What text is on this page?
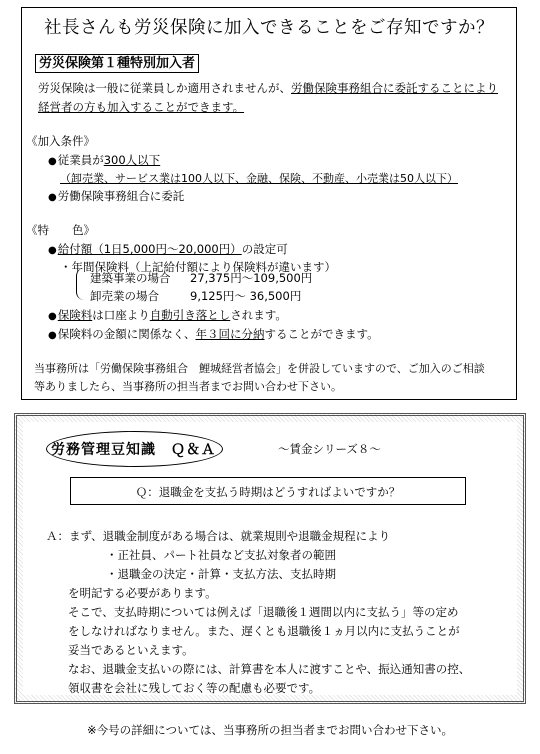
社長さんも労災保険に加入できることをご存知ですか？
労災保険第１種特別加入者
労災保険は一般に従業員しか適用されませんが、労働保険事務組合に委託することにより
経営者の方も加入することができます。
《加入条件》
●従業員が300人以下
（卸売業、サービス業は100人以下、金融、保険、不動産、小売業は50人以下）
●労働保険事務組合に委託
《特　　色》
●給付額（1日5,000円～20,000円）の設定可
・年間保険料（上記給付額により保険料が違います）
建築事業の場合 27,375円～109,500円
卸売業の場合	9,125円～ 36,500円
●保険料は口座より自動引き落としされます。
●保険料の金額に関係なく、年３回に分納することができます。
当事務所は「労働保険事務組合　鯉城経営者協会」を併設していますので、ご加入のご相談
等ありましたら、当事務所の担当者までお問い合わせ下さい。
労務管理豆知識　Ｑ＆Ａ	～賃金シリーズ８～
Ｑ：退職金を支払う時期はどうすればよいですか？
Ａ：まず、退職金制度がある場合は、就業規則や退職金規程により
・正社員、パート社員など支払対象者の範囲
・退職金の決定・計算・支払方法、支払時期
を明記する必要があります。
そこで、支払時期については例えば「退職後１週間以内に支払う」等の定め
をしなければなりません。また、遅くとも退職後１ヵ月以内に支払うことが
妥当であるといえます。
なお、退職金支払いの際には、計算書を本人に渡すことや、振込通知書の控、
領収書を会社に残しておく等の配慮も必要です。
※今号の詳細については、当事務所の担当者までお問い合わせ下さい。
